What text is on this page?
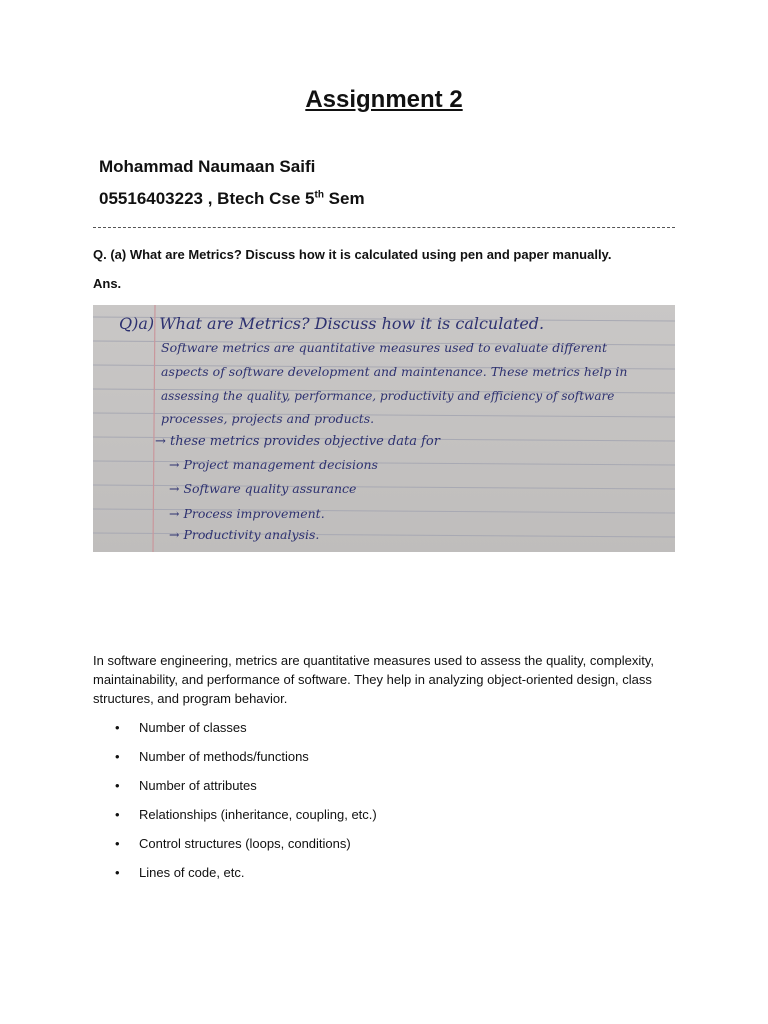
Assignment 2
Mohammad Naumaan Saifi
05516403223 , Btech Cse 5th Sem
Q. (a) What are Metrics? Discuss how it is calculated using pen and paper manually.
Ans.
Q)a) What are Metrics? Discuss how it is calculated.
Software metrics are quantitative measures used to evaluate different
aspects of software development and maintenance. These metrics help in
assessing the quality, performance, productivity and efficiency of software
processes, projects and products.
→ these metrics provides objective data for
→ Project management decisions
→ Software quality assurance
→ Process improvement.
→ Productivity analysis.
In software engineering, metrics are quantitative measures used to assess the quality, complexity, maintainability, and performance of software. They help in analyzing object-oriented design, class structures, and program behavior.
• Number of classes
• Number of methods/functions
• Number of attributes
• Relationships (inheritance, coupling, etc.)
• Control structures (loops, conditions)
• Lines of code, etc.
